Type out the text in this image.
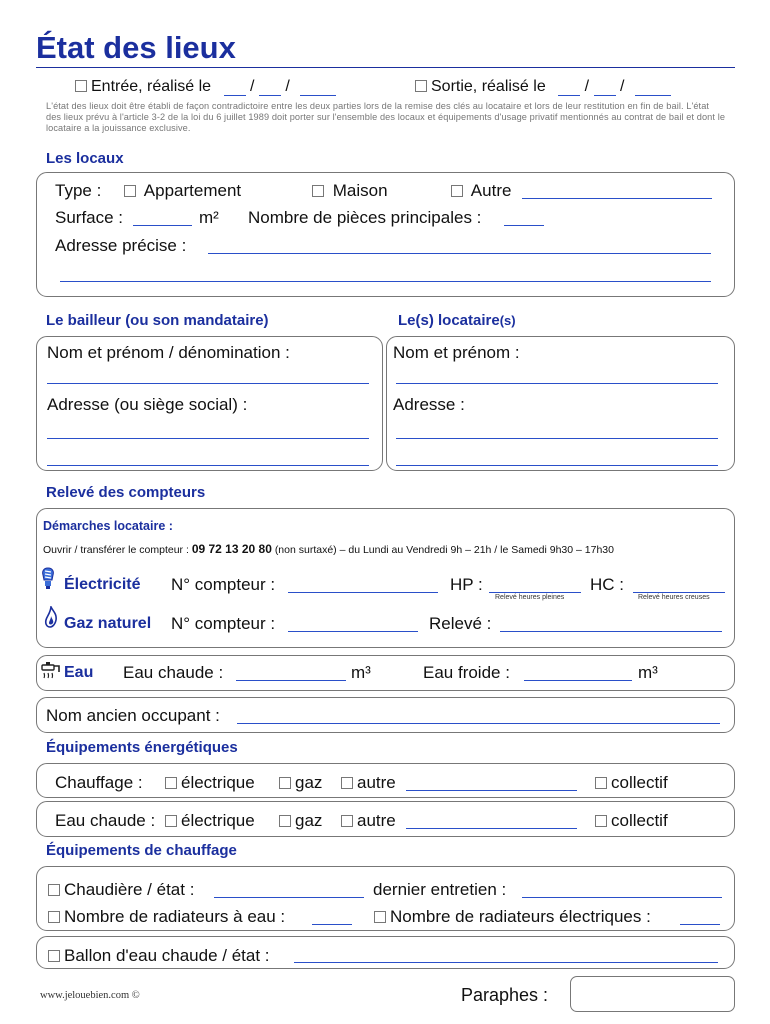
État des lieux
Entrée, réalisé le / /	Sortie, réalisé le / /
L'état des lieux doit être établi de façon contradictoire entre les deux parties lors de la remise des clés au locataire et lors de leur restitution en fin de bail. L'état des lieux prévu à l'article 3-2 de la loi du 6 juillet 1989 doit porter sur l'ensemble des locaux et équipements d'usage privatif mentionnés au contrat de bail et dont le locataire a la jouissance exclusive.
Les locaux
Type :	Appartement	Maison	Autre
Surface :	m² Nombre de pièces principales :
Adresse précise :
Le bailleur (ou son mandataire)	Le(s) locataire(s)
Nom et prénom / dénomination :
Adresse (ou siège social) :
Nom et prénom :
Adresse :
Relevé des compteurs
Démarches locataire :
Ouvrir / transférer le compteur : 09 72 13 20 80 (non surtaxé) – du Lundi au Vendredi 9h – 21h / le Samedi 9h30 – 17h30
Électricité N° compteur :	HP :
Relevé heures pleines
HC :
Relevé heures creuses
Gaz naturel N° compteur :	Relevé :
Eau Eau chaude :	m³	Eau froide :	m³
Nom ancien occupant :
Équipements énergétiques
Chauffage :	électrique	gaz	autre	collectif
Eau chaude :	électrique	gaz	autre	collectif
Équipements de chauffage
Chaudière / état :	dernier entretien :
Nombre de radiateurs à eau :	Nombre de radiateurs électriques :
Ballon d'eau chaude / état :
www.jelouebien.com ©	Paraphes :
